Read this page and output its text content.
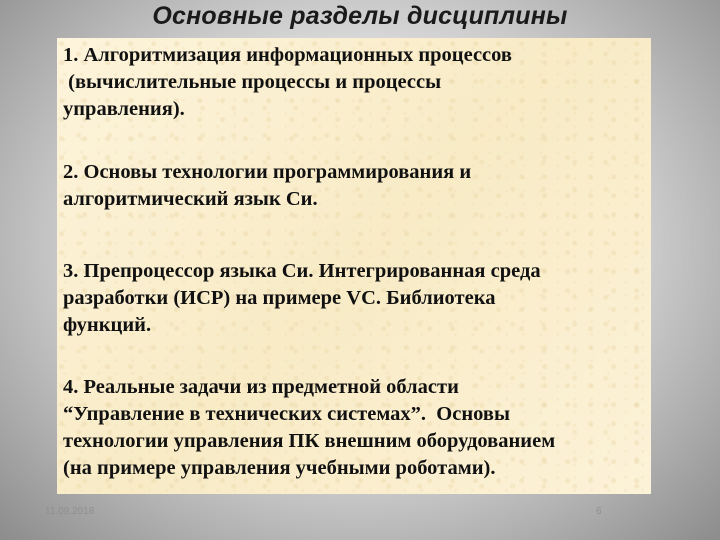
Основные разделы дисциплины

1. Алгоритмизация информационных процессов
(вычислительные процессы и процессы
управления).

2. Основы технологии программирования и
алгоритмический язык Си.

3. Препроцессор языка Си. Интегрированная среда
разработки (ИСР) на примере VC. Библиотека
функций.

4. Реальные задачи из предметной области
“Управление в технических системах”.  Основы
технологии управления ПК внешним оборудованием
(на примере управления учебными роботами).

11.09.2018	6
